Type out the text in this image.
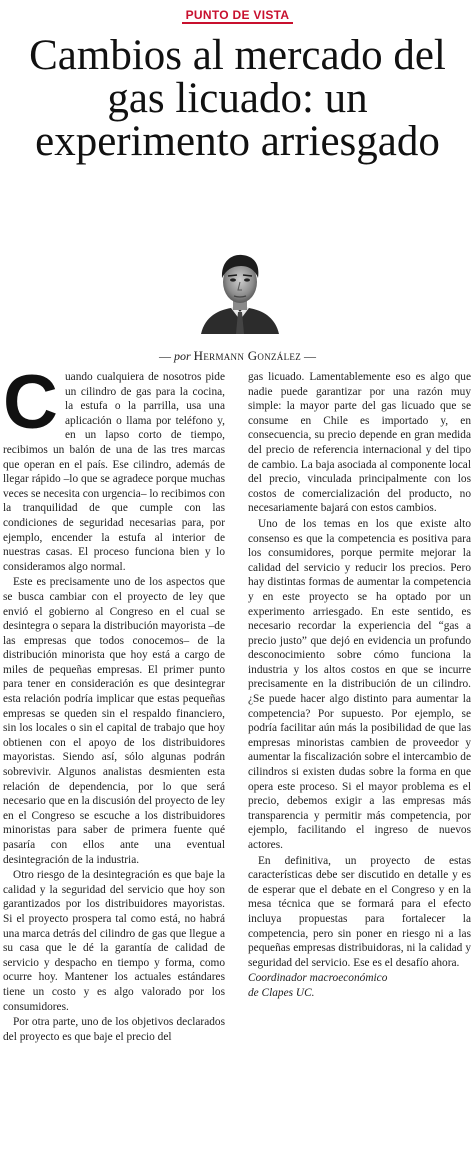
PUNTO DE VISTA
Cambios al mercado del gas licuado: un experimento arriesgado
— por Hermann González —

Cuando cualquiera de nosotros pide un cilindro de gas para la cocina, la estufa o la parrilla, usa una aplicación o llama por teléfono y, en un lapso corto de tiempo, recibimos un balón de una de las tres marcas que operan en el país. Ese cilindro, además de llegar rápido –lo que se agradece porque muchas veces se necesita con urgencia– lo recibimos con la tranquilidad de que cumple con las condiciones de seguridad necesarias para, por ejemplo, encender la estufa al interior de nuestras casas. El proceso funciona bien y lo consideramos algo normal.

Este es precisamente uno de los aspectos que se busca cambiar con el proyecto de ley que envió el gobierno al Congreso en el cual se desintegra o separa la distribución mayorista –de las empresas que todos conocemos– de la distribución minorista que hoy está a cargo de miles de pequeñas empresas. El primer punto para tener en consideración es que desintegrar esta relación podría implicar que estas pequeñas empresas se queden sin el respaldo financiero, sin los locales o sin el capital de trabajo que hoy obtienen con el apoyo de los distribuidores mayoristas. Siendo así, sólo algunas podrán sobrevivir. Algunos analistas desmienten esta relación de dependencia, por lo que será necesario que en la discusión del proyecto de ley en el Congreso se escuche a los distribuidores minoristas para saber de primera fuente qué pasaría con ellos ante una eventual desintegración de la industria.

Otro riesgo de la desintegración es que baje la calidad y la seguridad del servicio que hoy son garantizados por los distribuidores mayoristas. Si el proyecto prospera tal como está, no habrá una marca detrás del cilindro de gas que llegue a su casa que le dé la garantía de calidad de servicio y despacho en tiempo y forma, como ocurre hoy. Mantener los actuales estándares tiene un costo y es algo valorado por los consumidores.

Por otra parte, uno de los objetivos declarados del proyecto es que baje el precio del

gas licuado. Lamentablemente eso es algo que nadie puede garantizar por una razón muy simple: la mayor parte del gas licuado que se consume en Chile es importado y, en consecuencia, su precio depende en gran medida del precio de referencia internacional y del tipo de cambio. La baja asociada al componente local del precio, vinculada principalmente con los costos de comercialización del producto, no necesariamente bajará con estos cambios.

Uno de los temas en los que existe alto consenso es que la competencia es positiva para los consumidores, porque permite mejorar la calidad del servicio y reducir los precios. Pero hay distintas formas de aumentar la competencia y en este proyecto se ha optado por un experimento arriesgado. En este sentido, es necesario recordar la experiencia del “gas a precio justo” que dejó en evidencia un profundo desconocimiento sobre cómo funciona la industria y los altos costos en que se incurre precisamente en la distribución de un cilindro. ¿Se puede hacer algo distinto para aumentar la competencia? Por supuesto. Por ejemplo, se podría facilitar aún más la posibilidad de que las empresas minoristas cambien de proveedor y aumentar la fiscalización sobre el intercambio de cilindros si existen dudas sobre la forma en que opera este proceso. Si el mayor problema es el precio, debemos exigir a las empresas más transparencia y permitir más competencia, por ejemplo, facilitando el ingreso de nuevos actores.

En definitiva, un proyecto de estas características debe ser discutido en detalle y es de esperar que el debate en el Congreso y en la mesa técnica que se formará para el efecto incluya propuestas para fortalecer la competencia, pero sin poner en riesgo ni a las pequeñas empresas distribuidoras, ni la calidad y seguridad del servicio. Ese es el desafío ahora.

Coordinador macroeconómico
de Clapes UC.
